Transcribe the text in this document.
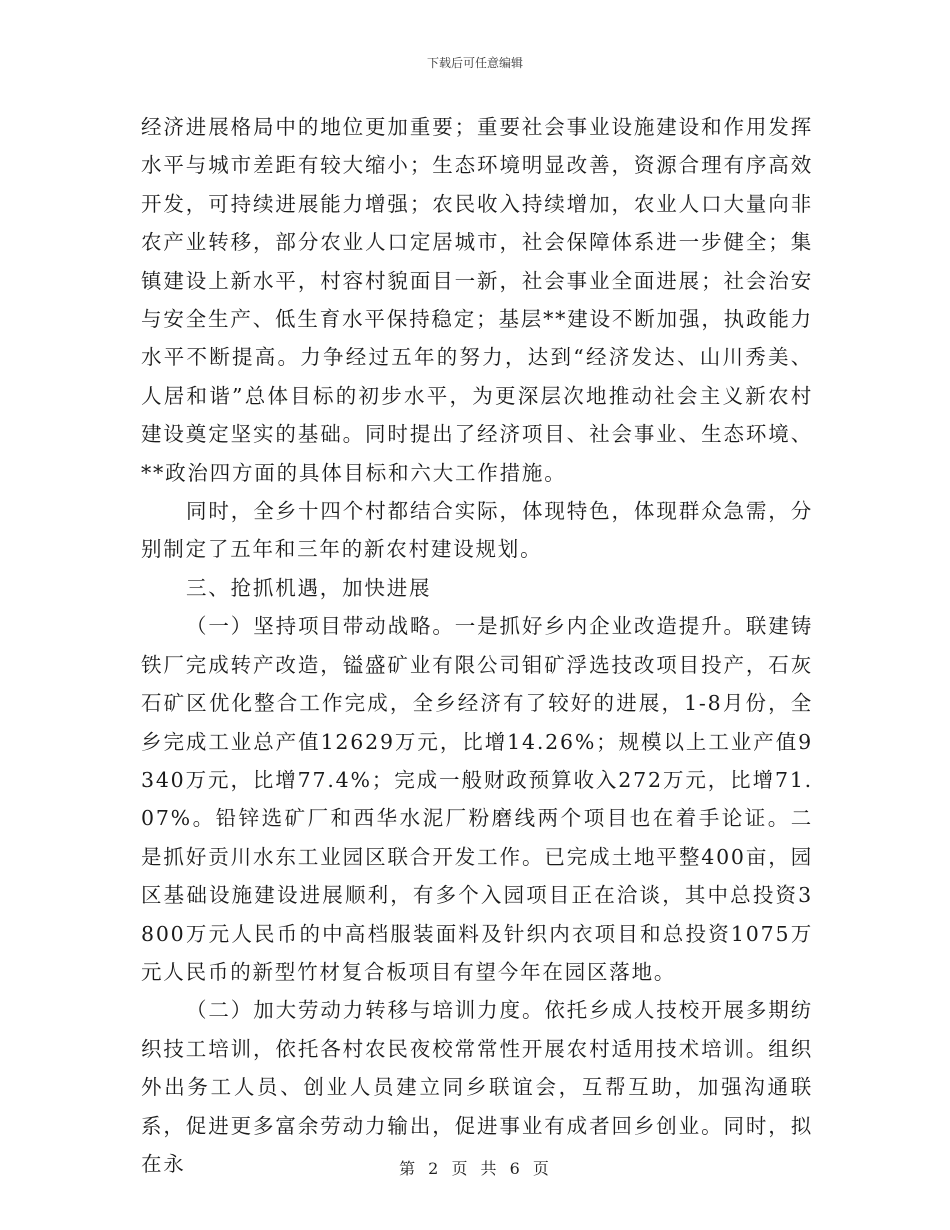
下载后可任意编辑

经济进展格局中的地位更加重要；重要社会事业设施建设和作用发挥水平与城市差距有较大缩小；生态环境明显改善，资源合理有序高效开发，可持续进展能力增强；农民收入持续增加，农业人口大量向非农产业转移，部分农业人口定居城市，社会保障体系进一步健全；集镇建设上新水平，村容村貌面目一新，社会事业全面进展；社会治安与安全生产、低生育水平保持稳定；基层**建设不断加强，执政能力水平不断提高。力争经过五年的努力，达到“经济发达、山川秀美、人居和谐”总体目标的初步水平，为更深层次地推动社会主义新农村建设奠定坚实的基础。同时提出了经济项目、社会事业、生态环境、**政治四方面的具体目标和六大工作措施。

同时，全乡十四个村都结合实际，体现特色，体现群众急需，分别制定了五年和三年的新农村建设规划。

三、抢抓机遇，加快进展

（一）坚持项目带动战略。一是抓好乡内企业改造提升。联建铸铁厂完成转产改造，镒盛矿业有限公司钼矿浮选技改项目投产，石灰石矿区优化整合工作完成，全乡经济有了较好的进展，1-8月份，全乡完成工业总产值12629万元，比增14.26%；规模以上工业产值9340万元，比增77.4%；完成一般财政预算收入272万元，比增71.07%。铅锌选矿厂和西华水泥厂粉磨线两个项目也在着手论证。二是抓好贡川水东工业园区联合开发工作。已完成土地平整400亩，园区基础设施建设进展顺利，有多个入园项目正在洽谈，其中总投资3800万元人民币的中高档服装面料及针织内衣项目和总投资1075万元人民币的新型竹材复合板项目有望今年在园区落地。

（二）加大劳动力转移与培训力度。依托乡成人技校开展多期纺织技工培训，依托各村农民夜校常常性开展农村适用技术培训。组织外出务工人员、创业人员建立同乡联谊会，互帮互助，加强沟通联系，促进更多富余劳动力输出，促进事业有成者回乡创业。同时，拟在永	第 2 页 共 6 页
